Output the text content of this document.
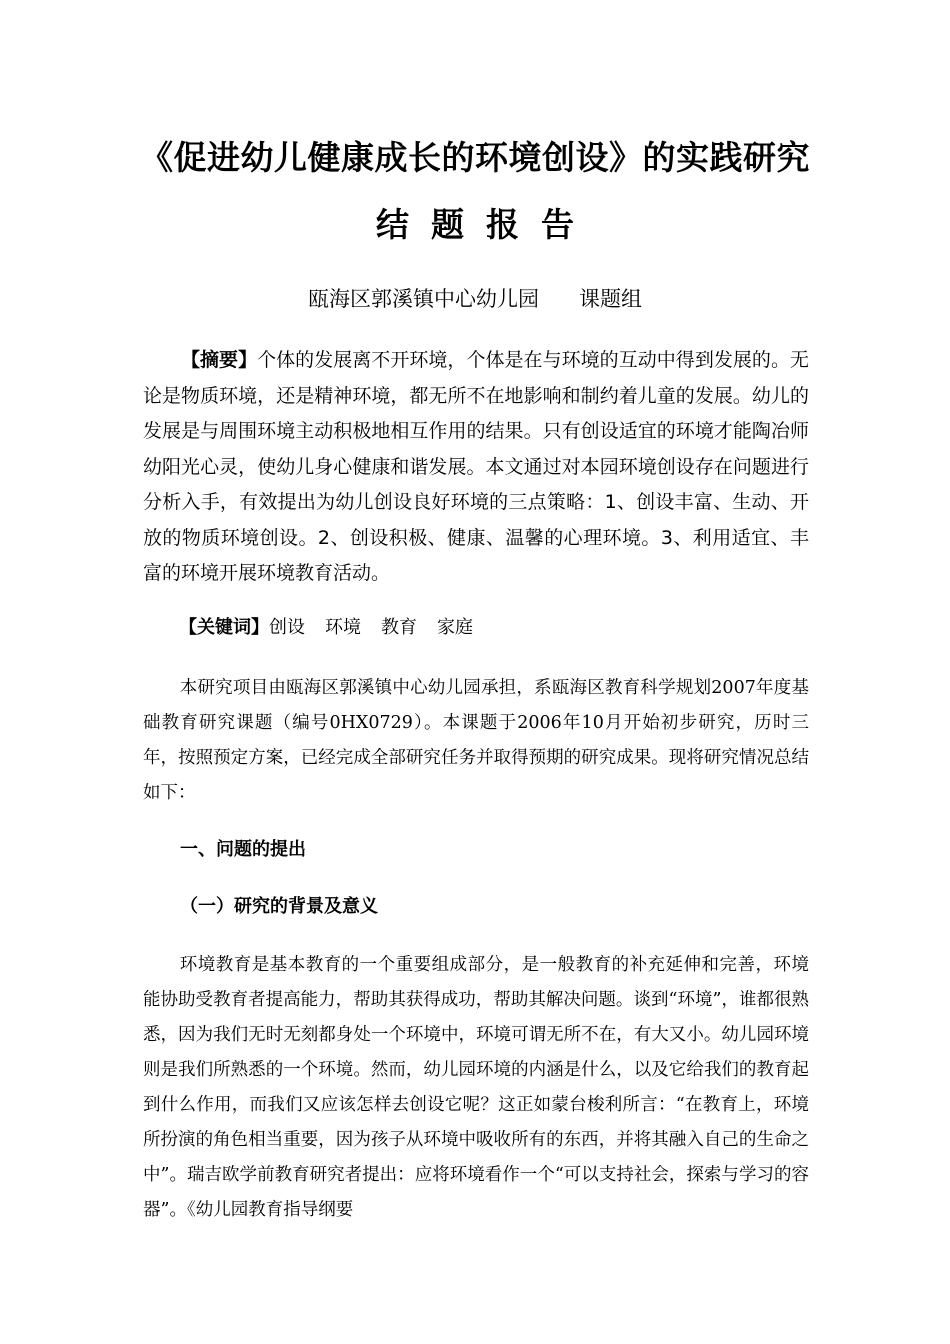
《促进幼儿健康成长的环境创设》的实践研究
结题报告
瓯海区郭溪镇中心幼儿园      课题组
【摘要】个体的发展离不开环境，个体是在与环境的互动中得到发展的。无论是物质环境，还是精神环境，都无所不在地影响和制约着儿童的发展。幼儿的发展是与周围环境主动积极地相互作用的结果。只有创设适宜的环境才能陶冶师幼阳光心灵，使幼儿身心健康和谐发展。本文通过对本园环境创设存在问题进行分析入手，有效提出为幼儿创设良好环境的三点策略：1、创设丰富、生动、开放的物质环境创设。2、创设积极、健康、温馨的心理环境。3、利用适宜、丰富的环境开展环境教育活动。
【关键词】创设 环境 教育 家庭
本研究项目由瓯海区郭溪镇中心幼儿园承担，系瓯海区教育科学规划2007年度基础教育研究课题（编号0HX0729）。本课题于2006年10月开始初步研究，历时三年，按照预定方案，已经完成全部研究任务并取得预期的研究成果。现将研究情况总结如下：
一、问题的提出
（一）研究的背景及意义
环境教育是基本教育的一个重要组成部分，是一般教育的补充延伸和完善，环境能协助受教育者提高能力，帮助其获得成功，帮助其解决问题。谈到“环境”，谁都很熟悉，因为我们无时无刻都身处一个环境中，环境可谓无所不在，有大又小。幼儿园环境则是我们所熟悉的一个环境。然而，幼儿园环境的内涵是什么，以及它给我们的教育起到什么作用，而我们又应该怎样去创设它呢？这正如蒙台梭利所言：“在教育上，环境所扮演的角色相当重要，因为孩子从环境中吸收所有的东西，并将其融入自己的生命之中”。瑞吉欧学前教育研究者提出：应将环境看作一个“可以支持社会，探索与学习的容器”。《幼儿园教育指导纲要
